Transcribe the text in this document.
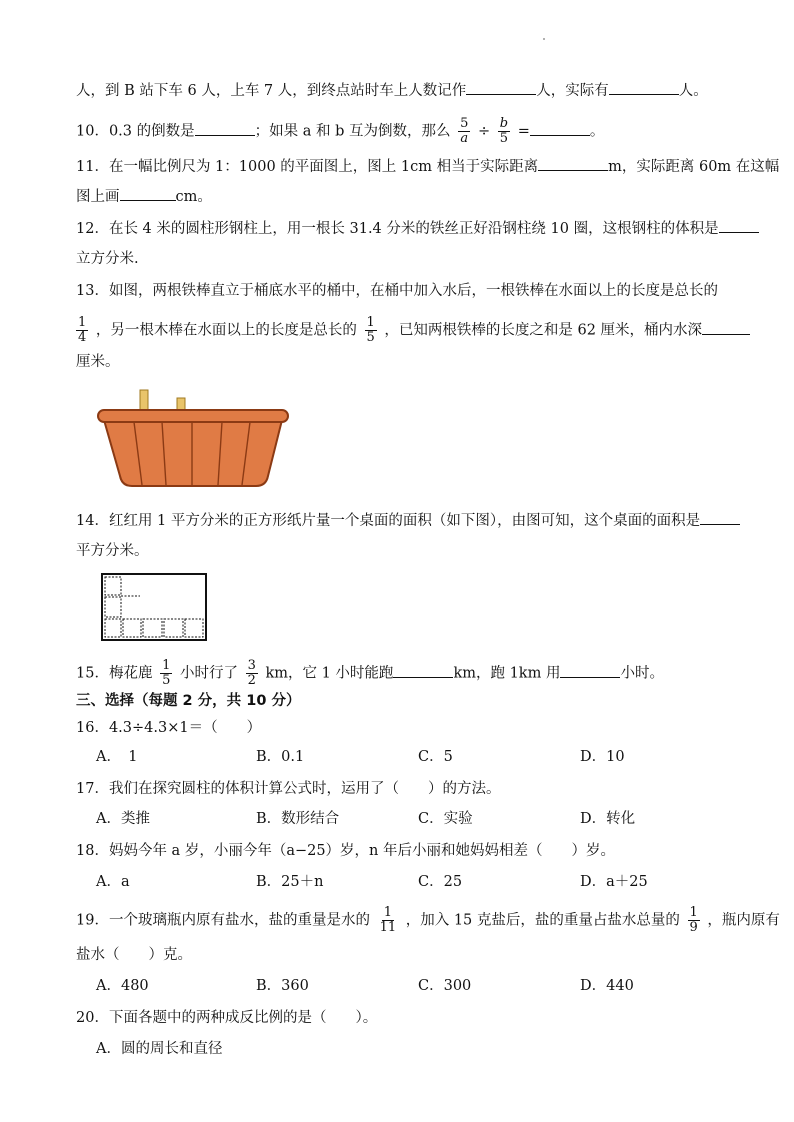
人，到 B 站下车 6 人，上车 7 人，到终点站时车上人数记作	人，实际有	人。
10．0.3 的倒数是	；如果 a 和 b 互为倒数，那么 $\frac{5}{a} \div \frac{b}{5}$ =	。
11．在一幅比例尺为 1：1000 的平面图上，图上 1cm 相当于实际距离	m，实际距离 60m 在这幅
图上画	cm。
12．在长 4 米的圆柱形钢柱上，用一根长 31.4 分米的铁丝正好沿钢柱绕 10 圈，这根钢柱的体积是
立方分米.
13．如图，两根铁棒直立于桶底水平的桶中，在桶中加入水后，一根铁棒在水面以上的长度是总长的
$\frac{1}{4}$ ，另一根木棒在水面以上的长度是总长的 $\frac{1}{5}$ ，已知两根铁棒的长度之和是 62 厘米，桶内水深
厘米。
14．红红用 1 平方分米的正方形纸片量一个桌面的面积（如下图），由图可知，这个桌面的面积是
平方分米。
15．梅花鹿 $\frac{1}{5}$ 小时行了 $\frac{3}{2}$ km，它 1 小时能跑	km，跑 1km 用	小时。
三、选择（每题 2 分，共 10 分）
16．4.3÷4.3×1＝（　　）
A．　1	B．0.1	C．5	D．10
17．我们在探究圆柱的体积计算公式时，运用了（　　）的方法。
A．类推	B．数形结合	C．实验	D．转化
18．妈妈今年 a 岁，小丽今年（a−25）岁，n 年后小丽和她妈妈相差（　　）岁。
A．a	B．25＋n	C．25	D．a＋25
19．一个玻璃瓶内原有盐水，盐的重量是水的 $\frac{1}{11}$ ，加入 15 克盐后，盐的重量占盐水总量的 $\frac{1}{9}$ ，瓶内原有
盐水（　　）克。
A．480	B．360	C．300	D．440
20．下面各题中的两种成反比例的是（　　）。
A．圆的周长和直径
